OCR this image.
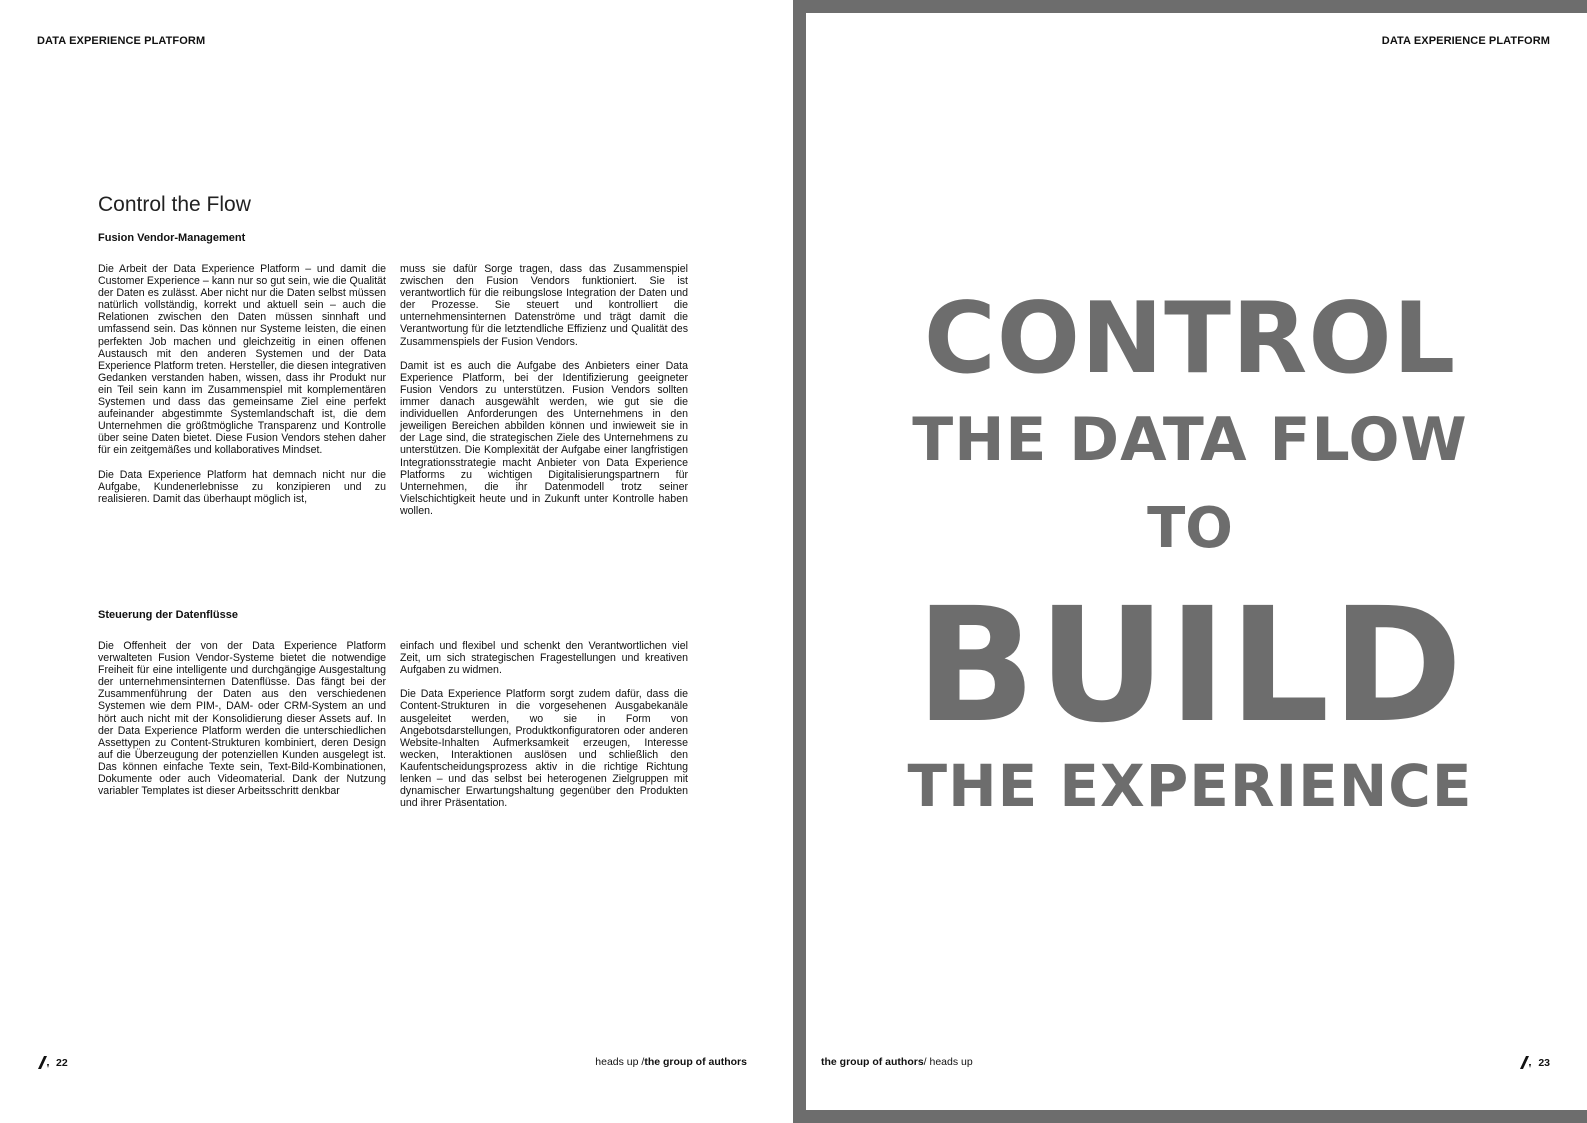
DATA EXPERIENCE PLATFORM
Control the Flow
Fusion Vendor-Management

Die Arbeit der Data Experience Platform – und damit die Customer Experience – kann nur so gut sein, wie die Qualität der Daten es zulässt. Aber nicht nur die Daten selbst müssen natürlich vollständig, korrekt und aktuell sein – auch die Relationen zwischen den Daten müssen sinnhaft und umfassend sein. Das können nur Systeme leisten, die einen perfekten Job machen und gleichzeitig in einen offenen Austausch mit den anderen Systemen und der Data Experience Platform treten. Hersteller, die diesen integrativen Gedanken verstanden haben, wissen, dass ihr Produkt nur ein Teil sein kann im Zusammenspiel mit komplementären Systemen und dass das gemeinsame Ziel eine perfekt aufeinander abgestimmte Systemlandschaft ist, die dem Unternehmen die größtmögliche Transparenz und Kontrolle über seine Daten bietet. Diese Fusion Vendors stehen daher für ein zeitgemäßes und kollaboratives Mindset.

Die Data Experience Platform hat demnach nicht nur die Aufgabe, Kundenerlebnisse zu konzipieren und zu realisieren. Damit das überhaupt möglich ist,

muss sie dafür Sorge tragen, dass das Zusammenspiel zwischen den Fusion Vendors funktioniert. Sie ist verantwortlich für die reibungslose Integration der Daten und der Prozesse. Sie steuert und kontrolliert die unternehmensinternen Datenströme und trägt damit die Verantwortung für die letztendliche Effizienz und Qualität des Zusammenspiels der Fusion Vendors.

Damit ist es auch die Aufgabe des Anbieters einer Data Experience Platform, bei der Identifizierung geeigneter Fusion Vendors zu unterstützen. Fusion Vendors sollten immer danach ausgewählt werden, wie gut sie die individuellen Anforderungen des Unternehmens in den jeweiligen Bereichen abbilden können und inwieweit sie in der Lage sind, die strategischen Ziele des Unternehmens zu unterstützen. Die Komplexität der Aufgabe einer langfristigen Integrationsstrategie macht Anbieter von Data Experience Platforms zu wichtigen Digitalisierungspartnern für Unternehmen, die ihr Datenmodell trotz seiner Vielschichtigkeit heute und in Zukunft unter Kontrolle haben wollen.

Steuerung der Datenflüsse

Die Offenheit der von der Data Experience Platform verwalteten Fusion Vendor-Systeme bietet die notwendige Freiheit für eine intelligente und durchgängige Ausgestaltung der unternehmensinternen Datenflüsse. Das fängt bei der Zusammenführung der Daten aus den verschiedenen Systemen wie dem PIM-, DAM- oder CRM-System an und hört auch nicht mit der Konsolidierung dieser Assets auf. In der Data Experience Platform werden die unterschiedlichen Assettypen zu Content-Strukturen kombiniert, deren Design auf die Überzeugung der potenziellen Kunden ausgelegt ist. Das können einfache Texte sein, Text-Bild-Kombinationen, Dokumente oder auch Videomaterial. Dank der Nutzung variabler Templates ist dieser Arbeitsschritt denkbar

einfach und flexibel und schenkt den Verantwortlichen viel Zeit, um sich strategischen Fragestellungen und kreativen Aufgaben zu widmen.

Die Data Experience Platform sorgt zudem dafür, dass die Content-Strukturen in die vorgesehenen Ausgabekanäle ausgeleitet werden, wo sie in Form von Angebotsdarstellungen, Produktkonfiguratoren oder anderen Website-Inhalten Aufmerksamkeit erzeugen, Interesse wecken, Interaktionen auslösen und schließlich den Kaufentscheidungsprozess aktiv in die richtige Richtung lenken – und das selbst bei heterogenen Zielgruppen mit dynamischer Erwartungshaltung gegenüber den Produkten und ihrer Präsentation.

22	heads up / the group of authors
DATA EXPERIENCE PLATFORM
CONTROL
THE DATA FLOW
TO
BUILD
THE EXPERIENCE
the group of authors / heads up	23
